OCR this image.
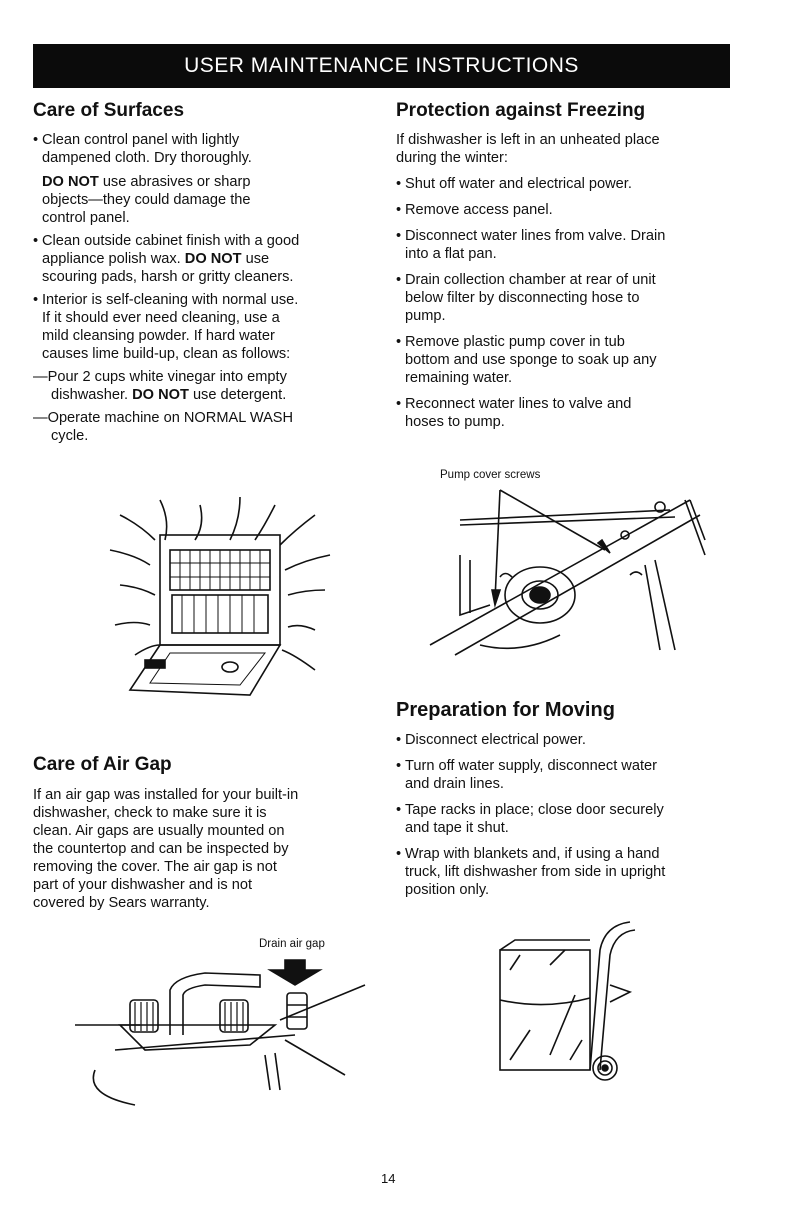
USER MAINTENANCE INSTRUCTIONS
Care of Surfaces
• Clean control panel with lightly

dampened cloth. Dry thoroughly.

DO NOT use abrasives or sharp

objects—they could damage the

control panel.

• Clean outside cabinet finish with a good

appliance polish wax. DO NOT use

scouring pads, harsh or gritty cleaners.

• Interior is self-cleaning with normal use.

If it should ever need cleaning, use a

mild cleansing powder. If hard water

causes lime build-up, clean as follows:

—Pour 2 cups white vinegar into empty

dishwasher. DO NOT use detergent.

—Operate machine on NORMAL WASH

cycle.

Care of Air Gap

If an air gap was installed for your built-in

dishwasher, check to make sure it is

clean. Air gaps are usually mounted on

the countertop and can be inspected by

removing the cover. The air gap is not

part of your dishwasher and is not

covered by Sears warranty.

Drain air gap
Protection against Freezing

If dishwasher is left in an unheated place

during the winter:

• Shut off water and electrical power.

• Remove access panel.

• Disconnect water lines from valve. Drain

into a flat pan.

• Drain collection chamber at rear of unit

below filter by disconnecting hose to

pump.

• Remove plastic pump cover in tub

bottom and use sponge to soak up any

remaining water.

• Reconnect water lines to valve and

hoses to pump.

Pump cover screws
Preparation for Moving
• Disconnect electrical power.

• Turn off water supply, disconnect water

and drain lines.

• Tape racks in place; close door securely

and tape it shut.

• Wrap with blankets and, if using a hand

truck, lift dishwasher from side in upright

position only.

14
